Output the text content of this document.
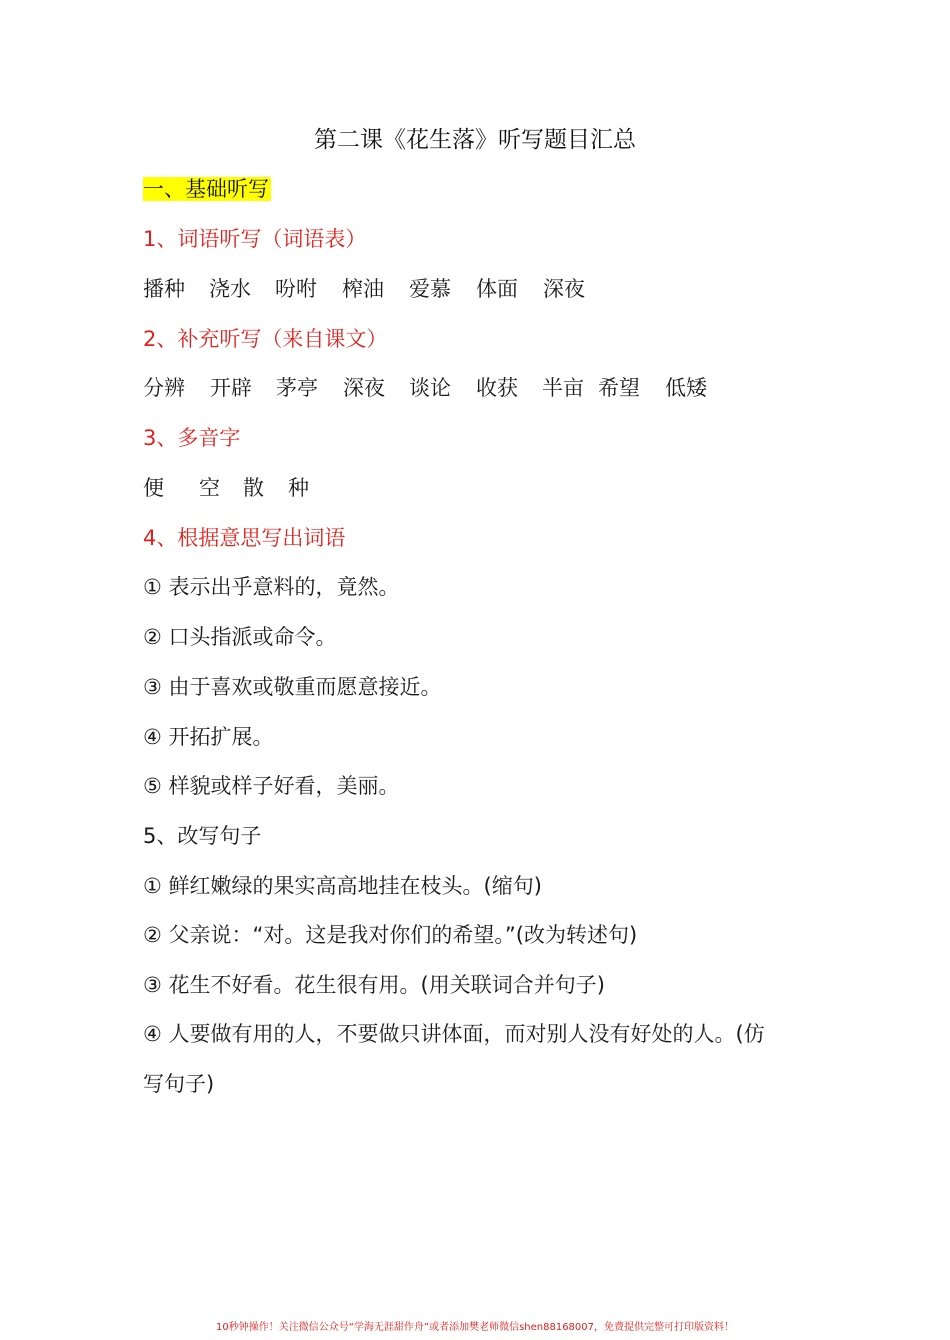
第二课《花生落》听写题目汇总
一、基础听写
1、词语听写（词语表）
播种 浇水 吩咐 榨油 爱慕 体面 深夜
2、补充听写（来自课文）
分辨 开辟 茅亭 深夜 谈论 收获 半亩 希望 低矮
3、多音字
便 空 散 种
4、根据意思写出词语
① 表示出乎意料的，竟然。
② 口头指派或命令。
③ 由于喜欢或敬重而愿意接近。
④ 开拓扩展。
⑤ 样貌或样子好看，美丽。
5、改写句子
① 鲜红嫩绿的果实高高地挂在枝头。(缩句)
② 父亲说：“对。这是我对你们的希望。”(改为转述句)
③ 花生不好看。花生很有用。(用关联词合并句子)
④ 人要做有用的人，不要做只讲体面，而对别人没有好处的人。(仿
写句子)
10秒钟操作！关注微信公众号“学海无涯甜作舟”或者添加樊老师微信shen88168007，免费提供完整可打印版资料！
